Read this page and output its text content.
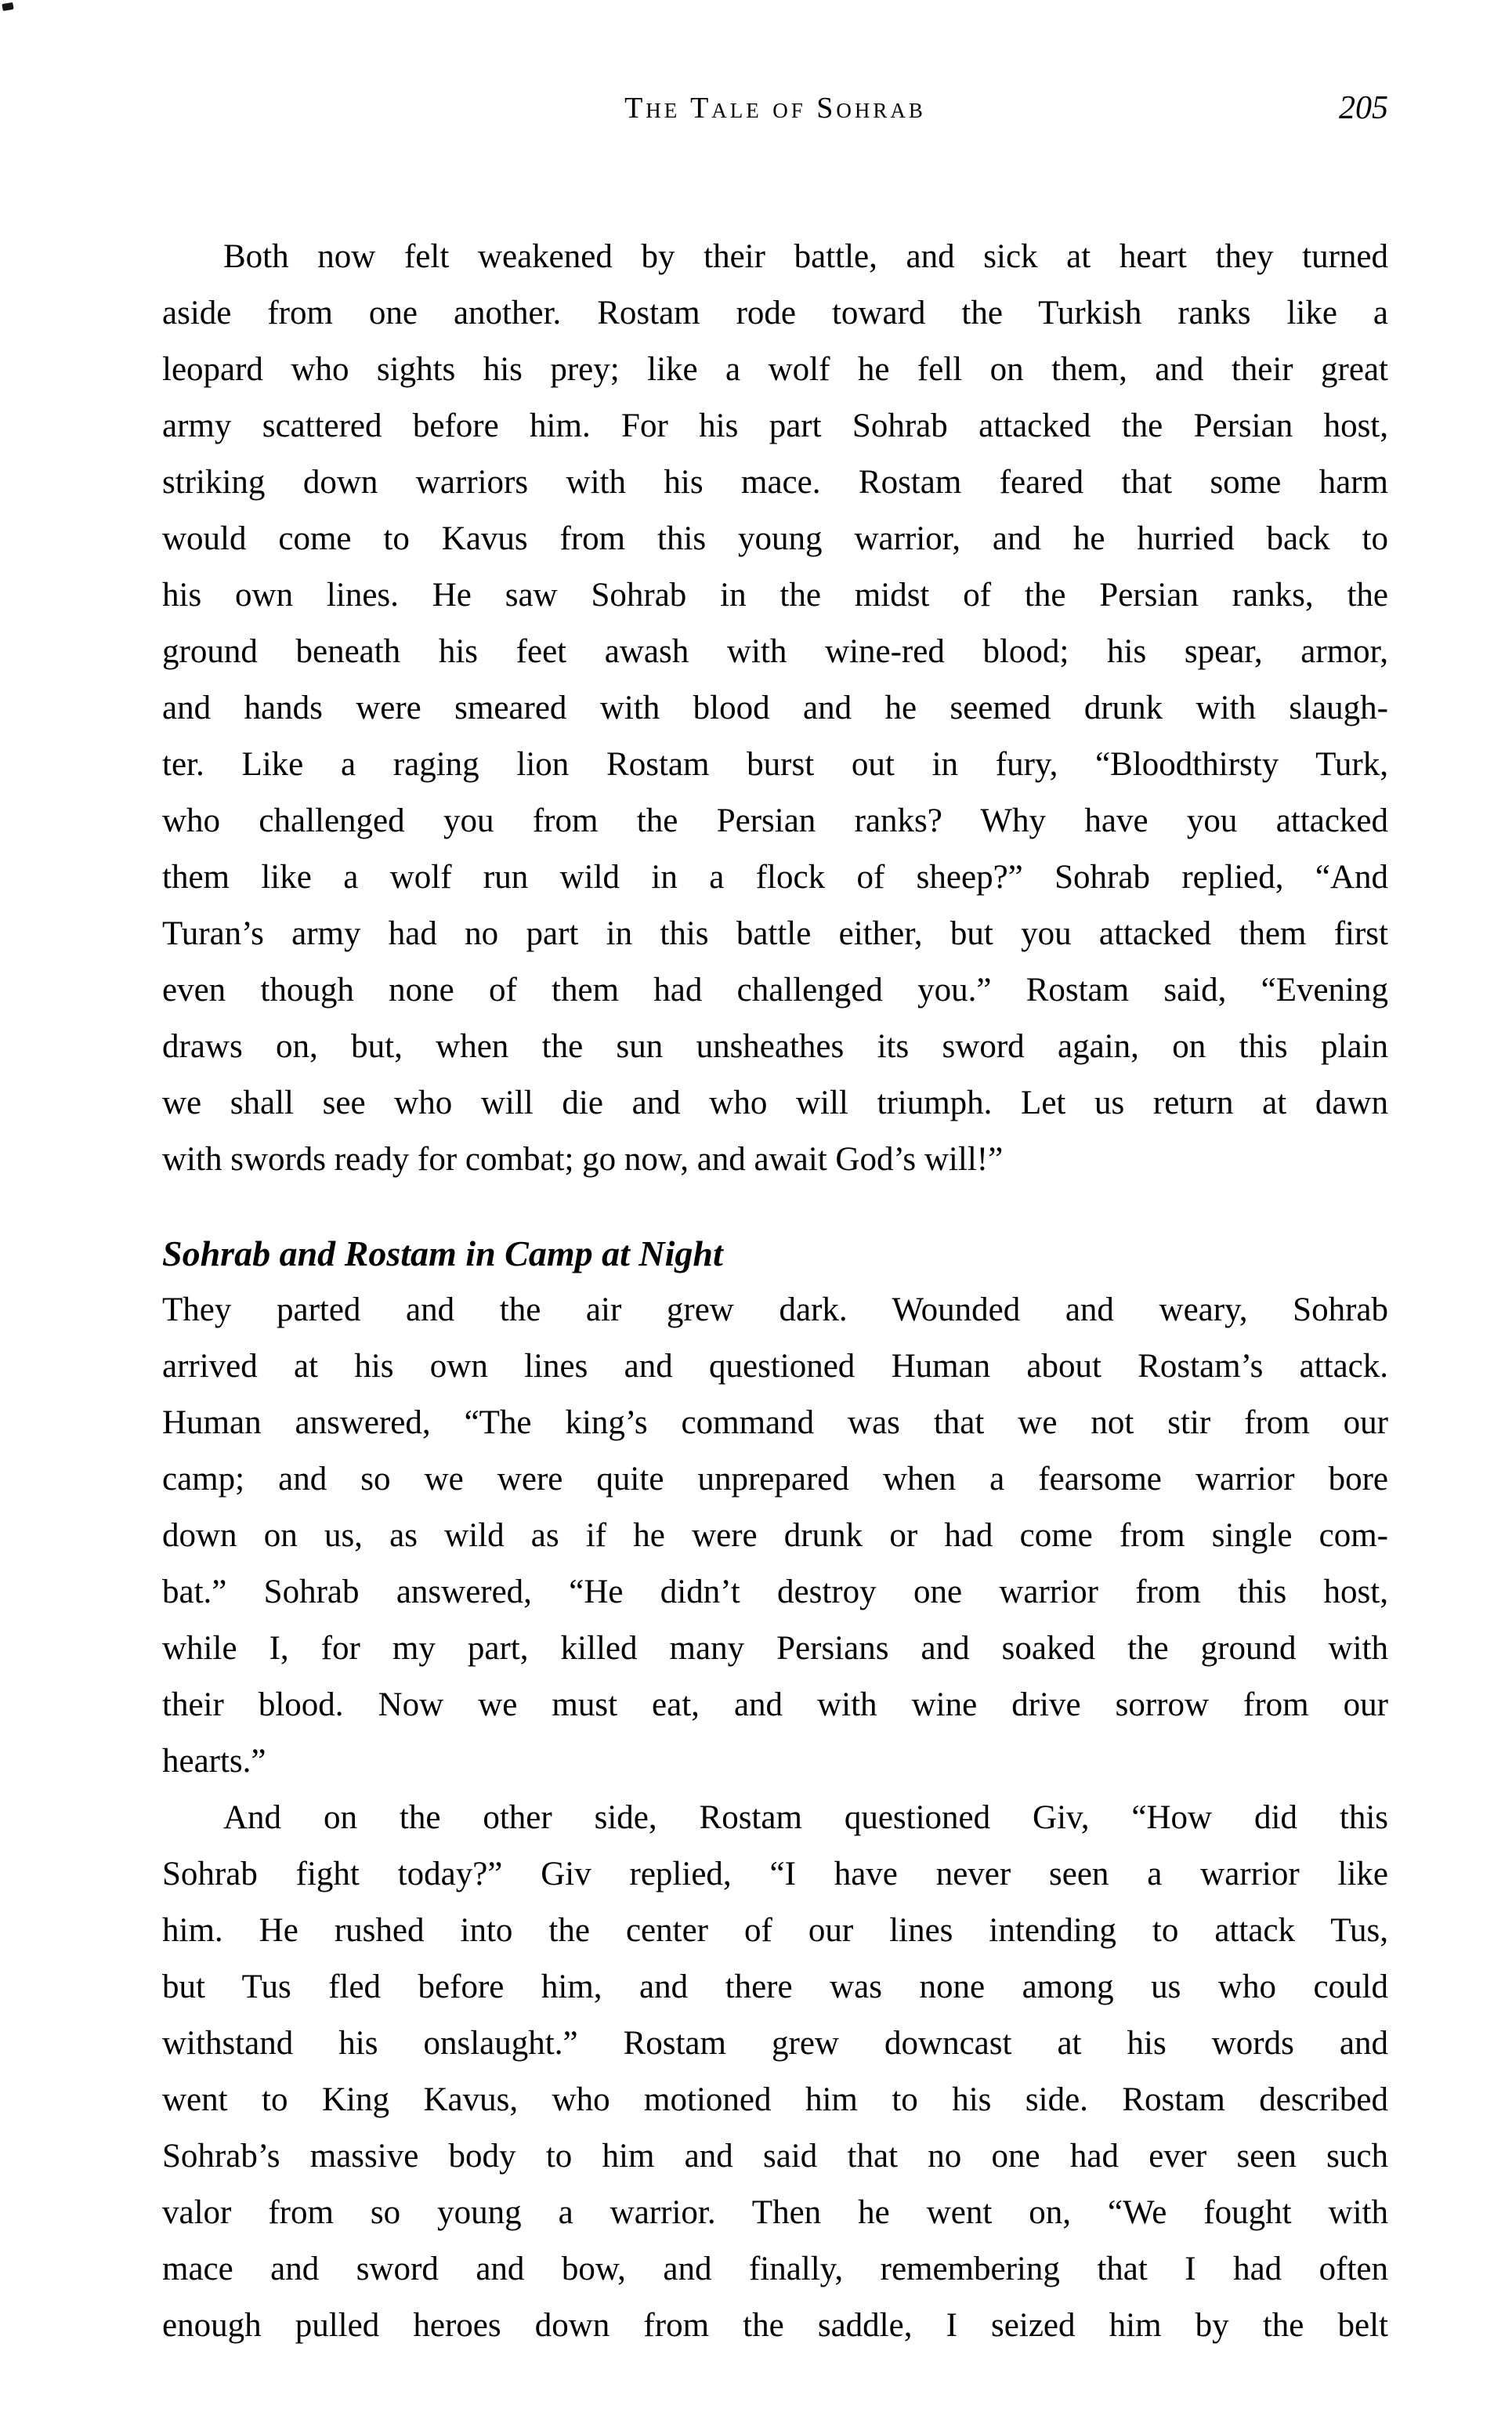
The Tale of Sohrab	205
Both now felt weakened by their battle, and sick at heart they turned
aside from one another. Rostam rode toward the Turkish ranks like a
leopard who sights his prey; like a wolf he fell on them, and their great
army scattered before him. For his part Sohrab attacked the Persian host,
striking down warriors with his mace. Rostam feared that some harm
would come to Kavus from this young warrior, and he hurried back to
his own lines. He saw Sohrab in the midst of the Persian ranks, the
ground beneath his feet awash with wine-red blood; his spear, armor,
and hands were smeared with blood and he seemed drunk with slaugh-
ter. Like a raging lion Rostam burst out in fury, “Bloodthirsty Turk,
who challenged you from the Persian ranks? Why have you attacked
them like a wolf run wild in a flock of sheep?” Sohrab replied, “And
Turan’s army had no part in this battle either, but you attacked them first
even though none of them had challenged you.” Rostam said, “Evening
draws on, but, when the sun unsheathes its sword again, on this plain
we shall see who will die and who will triumph. Let us return at dawn
with swords ready for combat; go now, and await God’s will!”
Sohrab and Rostam in Camp at Night
They parted and the air grew dark. Wounded and weary, Sohrab
arrived at his own lines and questioned Human about Rostam’s attack.
Human answered, “The king’s command was that we not stir from our
camp; and so we were quite unprepared when a fearsome warrior bore
down on us, as wild as if he were drunk or had come from single com-
bat.” Sohrab answered, “He didn’t destroy one warrior from this host,
while I, for my part, killed many Persians and soaked the ground with
their blood. Now we must eat, and with wine drive sorrow from our
hearts.”
And on the other side, Rostam questioned Giv, “How did this
Sohrab fight today?” Giv replied, “I have never seen a warrior like
him. He rushed into the center of our lines intending to attack Tus,
but Tus fled before him, and there was none among us who could
withstand his onslaught.” Rostam grew downcast at his words and
went to King Kavus, who motioned him to his side. Rostam described
Sohrab’s massive body to him and said that no one had ever seen such
valor from so young a warrior. Then he went on, “We fought with
mace and sword and bow, and finally, remembering that I had often
enough pulled heroes down from the saddle, I seized him by the belt
